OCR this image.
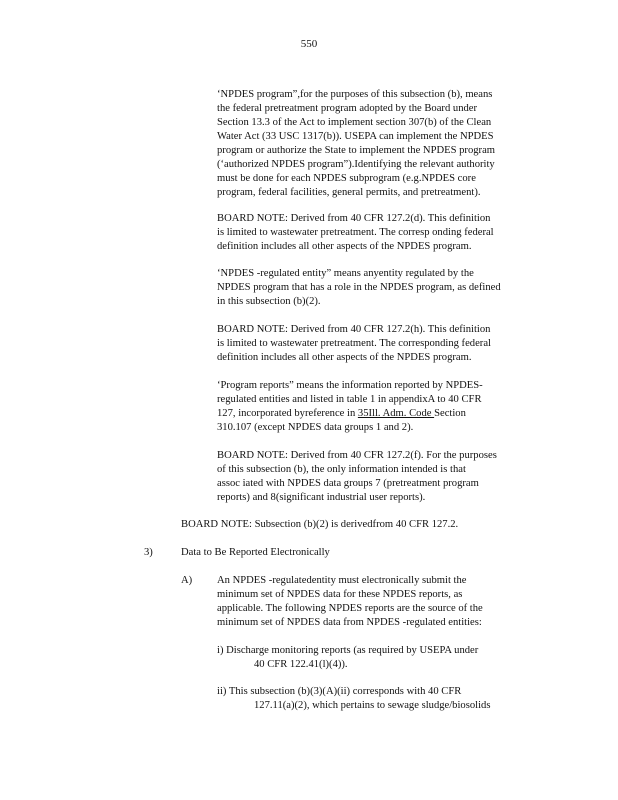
550
‘NPDES program”,for the purposes of this subsection (b), means
the federal pretreatment program adopted by the Board under
Section 13.3 of the Act to implement section 307(b) of the Clean
Water Act (33 USC 1317(b)). USEPA can implement the NPDES
program or authorize the State to implement the NPDES program
(‘authorized NPDES program”).Identifying the relevant authority
must be done for each NPDES subprogram (e.g.NPDES core
program, federal facilities, general permits, and pretreatment).
BOARD NOTE: Derived from 40 CFR 127.2(d). This definition
is limited to wastewater pretreatment. The corresp onding federal
definition includes all other aspects of the NPDES program.
‘NPDES -regulated entity” means anyentity regulated by the
NPDES program that has a role in the NPDES program, as defined
in this subsection (b)(2).
BOARD NOTE: Derived from 40 CFR 127.2(h). This definition
is limited to wastewater pretreatment. The corresponding federal
definition includes all other aspects of the NPDES program.
‘Program reports” means the information reported by NPDES-
regulated entities and listed in table 1 in appendixA to 40 CFR
127, incorporated byreference in 35Ill. Adm. Code Section
310.107 (except NPDES data groups 1 and 2).
BOARD NOTE: Derived from 40 CFR 127.2(f). For the purposes
of this subsection (b), the only information intended is that
assoc iated with NPDES data groups 7 (pretreatment program
reports) and 8(significant industrial user reports).
BOARD NOTE: Subsection (b)(2) is derivedfrom 40 CFR 127.2.
3)	Data to Be Reported Electronically
A) An NPDES -regulatedentity must electronically submit the
minimum set of NPDES data for these NPDES reports, as
applicable. The following NPDES reports are the source of the
minimum set of NPDES data from NPDES -regulated entities:
i) Discharge monitoring reports (as required by USEPA under
40 CFR 122.41(l)(4)).
ii) This subsection (b)(3)(A)(ii) corresponds with 40 CFR
127.11(a)(2), which pertains to sewage sludge/biosolids
